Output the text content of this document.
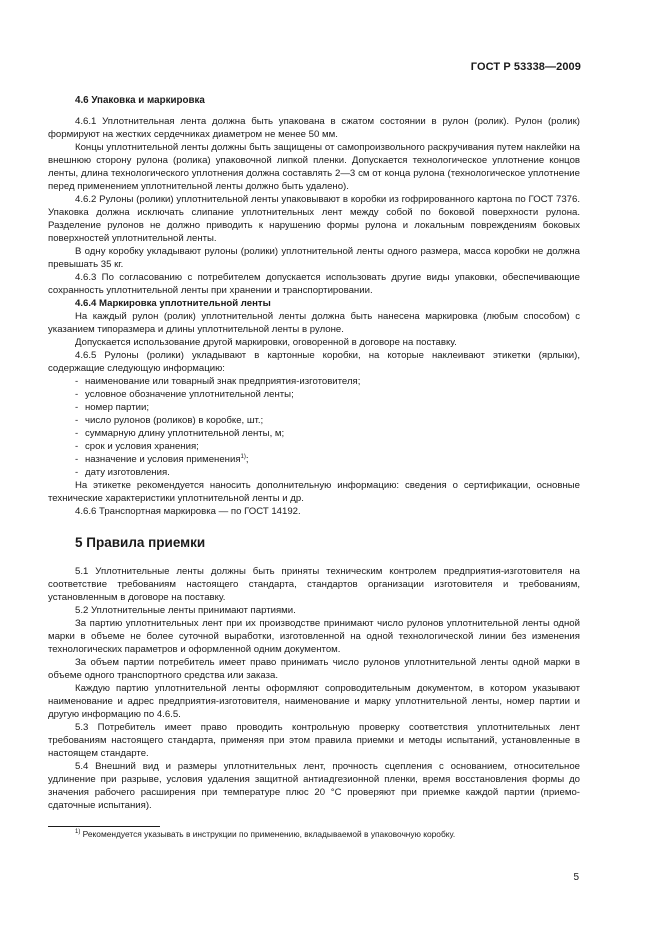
ГОСТ Р 53338—2009
4.6 Упаковка и маркировка

4.6.1 Уплотнительная лента должна быть упакована в сжатом состоянии в рулон (ролик). Рулон (ролик) формируют на жестких сердечниках диаметром не менее 50 мм.

Концы уплотнительной ленты должны быть защищены от самопроизвольного раскручивания путем наклейки на внешнюю сторону рулона (ролика) упаковочной липкой пленки. Допускается технологическое уплотнение концов ленты, длина технологического уплотнения должна составлять 2—3 см от конца рулона (технологическое уплотнение перед применением уплотнительной ленты должно быть удалено).

4.6.2 Рулоны (ролики) уплотнительной ленты упаковывают в коробки из гофрированного картона по ГОСТ 7376. Упаковка должна исключать слипание уплотнительных лент между собой по боковой поверхности рулона. Разделение рулонов не должно приводить к нарушению формы рулона и локальным повреждениям боковых поверхностей уплотнительной ленты.

В одну коробку укладывают рулоны (ролики) уплотнительной ленты одного размера, масса коробки не должна превышать 35 кг.

4.6.3 По согласованию с потребителем допускается использовать другие виды упаковки, обеспечивающие сохранность уплотнительной ленты при хранении и транспортировании.

4.6.4 Маркировка уплотнительной ленты

На каждый рулон (ролик) уплотнительной ленты должна быть нанесена маркировка (любым способом) с указанием типоразмера и длины уплотнительной ленты в рулоне.

Допускается использование другой маркировки, оговоренной в договоре на поставку.

4.6.5 Рулоны (ролики) укладывают в картонные коробки, на которые наклеивают этикетки (ярлыки), содержащие следующую информацию:

- наименование или товарный знак предприятия-изготовителя;
- условное обозначение уплотнительной ленты;
- номер партии;
- число рулонов (роликов) в коробке, шт.;
- суммарную длину уплотнительной ленты, м;
- срок и условия хранения;
- назначение и условия применения$^{1)}$;
- дату изготовления.

На этикетке рекомендуется наносить дополнительную информацию: сведения о сертификации, основные технические характеристики уплотнительной ленты и др.

4.6.6 Транспортная маркировка — по ГОСТ 14192.

5 Правила приемки

5.1 Уплотнительные ленты должны быть приняты техническим контролем предприятия-изготовителя на соответствие требованиям настоящего стандарта, стандартов организации изготовителя и требованиям, установленным в договоре на поставку.

5.2 Уплотнительные ленты принимают партиями.

За партию уплотнительных лент при их производстве принимают число рулонов уплотнительной ленты одной марки в объеме не более суточной выработки, изготовленной на одной технологической линии без изменения технологических параметров и оформленной одним документом.

За объем партии потребитель имеет право принимать число рулонов уплотнительной ленты одной марки в объеме одного транспортного средства или заказа.

Каждую партию уплотнительной ленты оформляют сопроводительным документом, в котором указывают наименование и адрес предприятия-изготовителя, наименование и марку уплотнительной ленты, номер партии и другую информацию по 4.6.5.

5.3 Потребитель имеет право проводить контрольную проверку соответствия уплотнительных лент требованиям настоящего стандарта, применяя при этом правила приемки и методы испытаний, установленные в настоящем стандарте.

5.4 Внешний вид и размеры уплотнительных лент, прочность сцепления с основанием, относительное удлинение при разрыве, условия удаления защитной антиадгезионной пленки, время восстановления формы до значения рабочего расширения при температуре плюс 20 °С проверяют при приемке каждой партии (приемо-сдаточные испытания).

$^{1)}$ Рекомендуется указывать в инструкции по применению, вкладываемой в упаковочную коробку.
5
